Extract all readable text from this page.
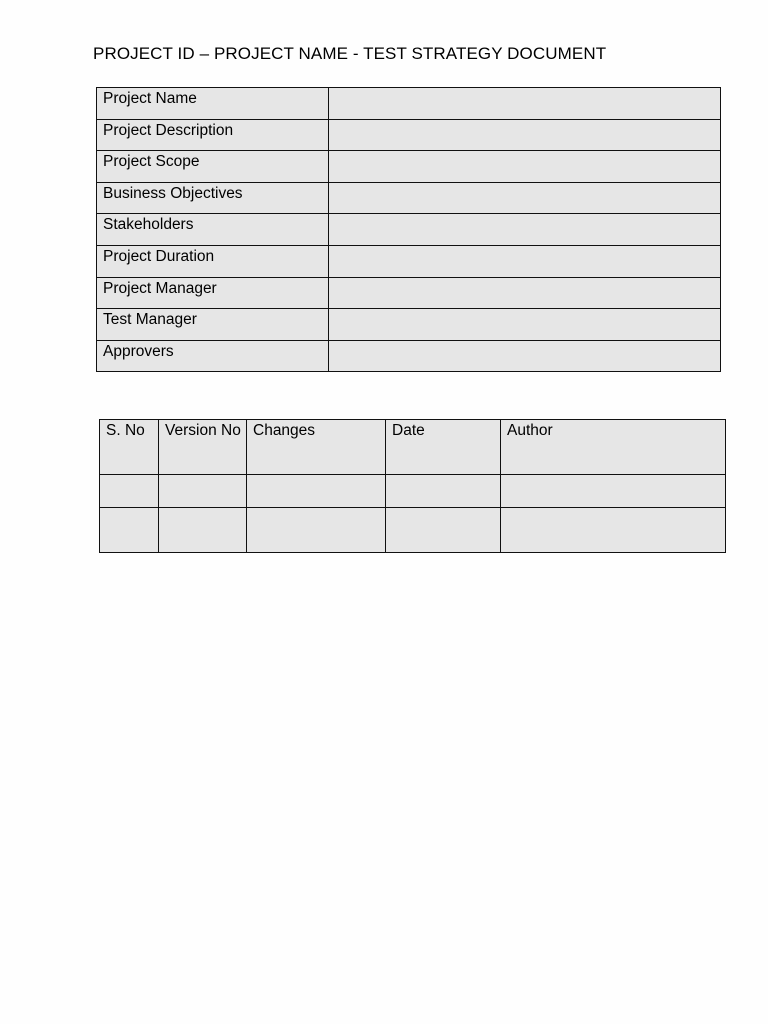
PROJECT ID – PROJECT NAME - TEST STRATEGY DOCUMENT
Project Name	

Project Description	

Project Scope	

Business Objectives	

Stakeholders	

Project Duration	

Project Manager	

Test Manager	

Approvers	

S. No	Version No	Changes	Date	Author
